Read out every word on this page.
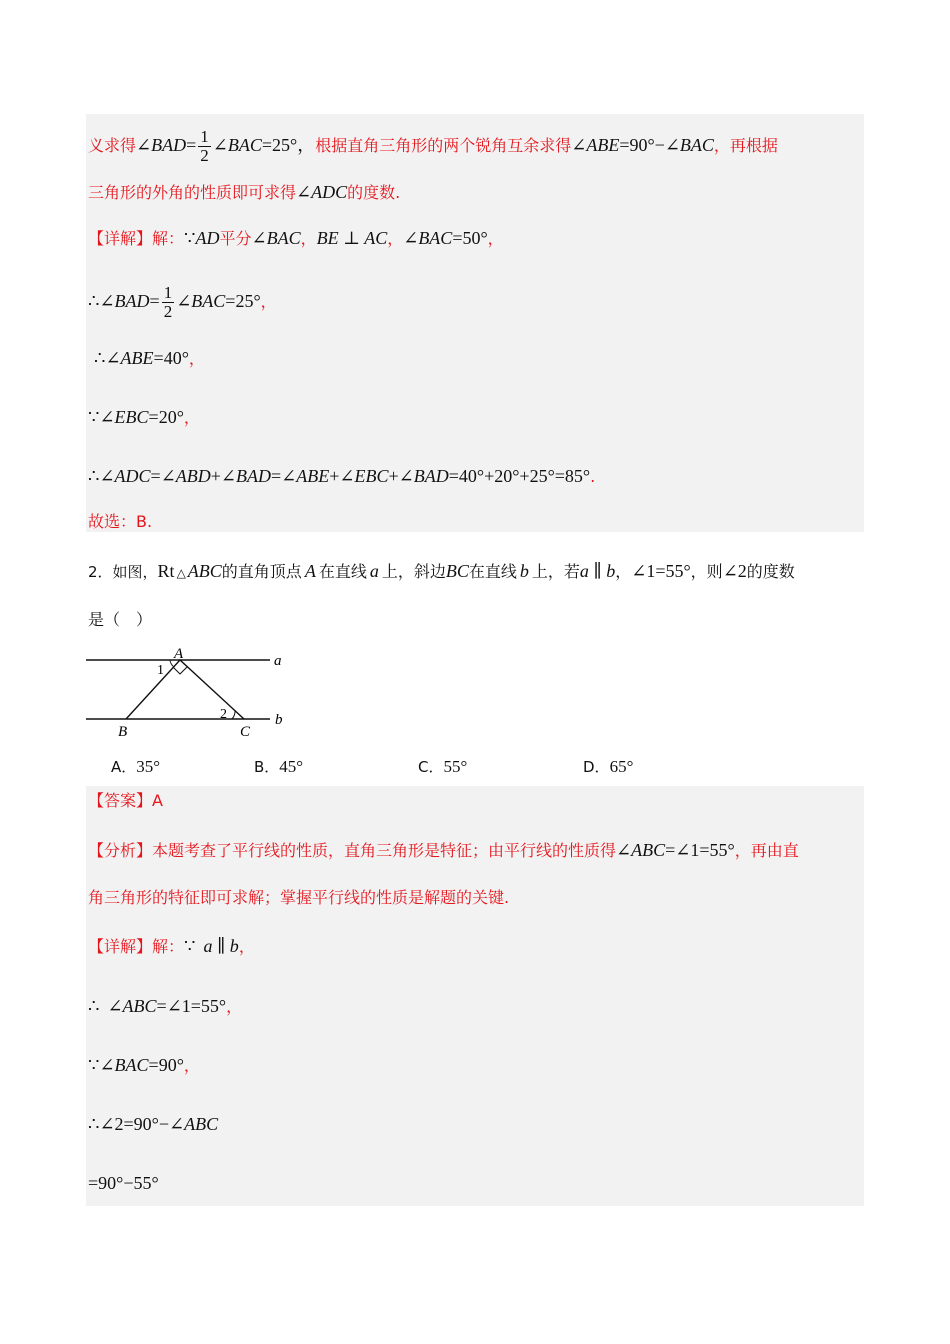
义求得∠BAD= $\frac{1}{2}$ ∠BAC=25°，根据直角三角形的两个锐角互余求得∠ABE=90°−∠BAC，再根据
三角形的外角的性质即可求得∠ADC的度数.
【详解】解：∵AD平分∠BAC，BE ⊥ AC，∠BAC=50°，
∴∠BAD= $\frac{1}{2}$ ∠BAC=25°，
∴∠ABE=40°，
∵∠EBC=20°，
∴∠ADC=∠ABD+∠BAD=∠ABE+∠EBC+∠BAD=40°+20°+25°=85°.
故选：B.
2．如图，Rt △ ABC的直角顶点 A 在直线 a 上，斜边BC在直线 b 上，若a ∥ b，∠1=55°，则∠2的度数
是（　）
A
B	C
a
b
1
2
A．35°	B．45°	C．55°	D．65°
【答案】A
【分析】本题考查了平行线的性质，直角三角形是特征；由平行线的性质得∠ABC=∠1=55°，再由直
角三角形的特征即可求解；掌握平行线的性质是解题的关键.
【详解】解：∵ a ∥ b，
∴ ∠ABC=∠1=55°，
∵∠BAC=90°，
∴∠2=90°−∠ABC
=90°−55°
